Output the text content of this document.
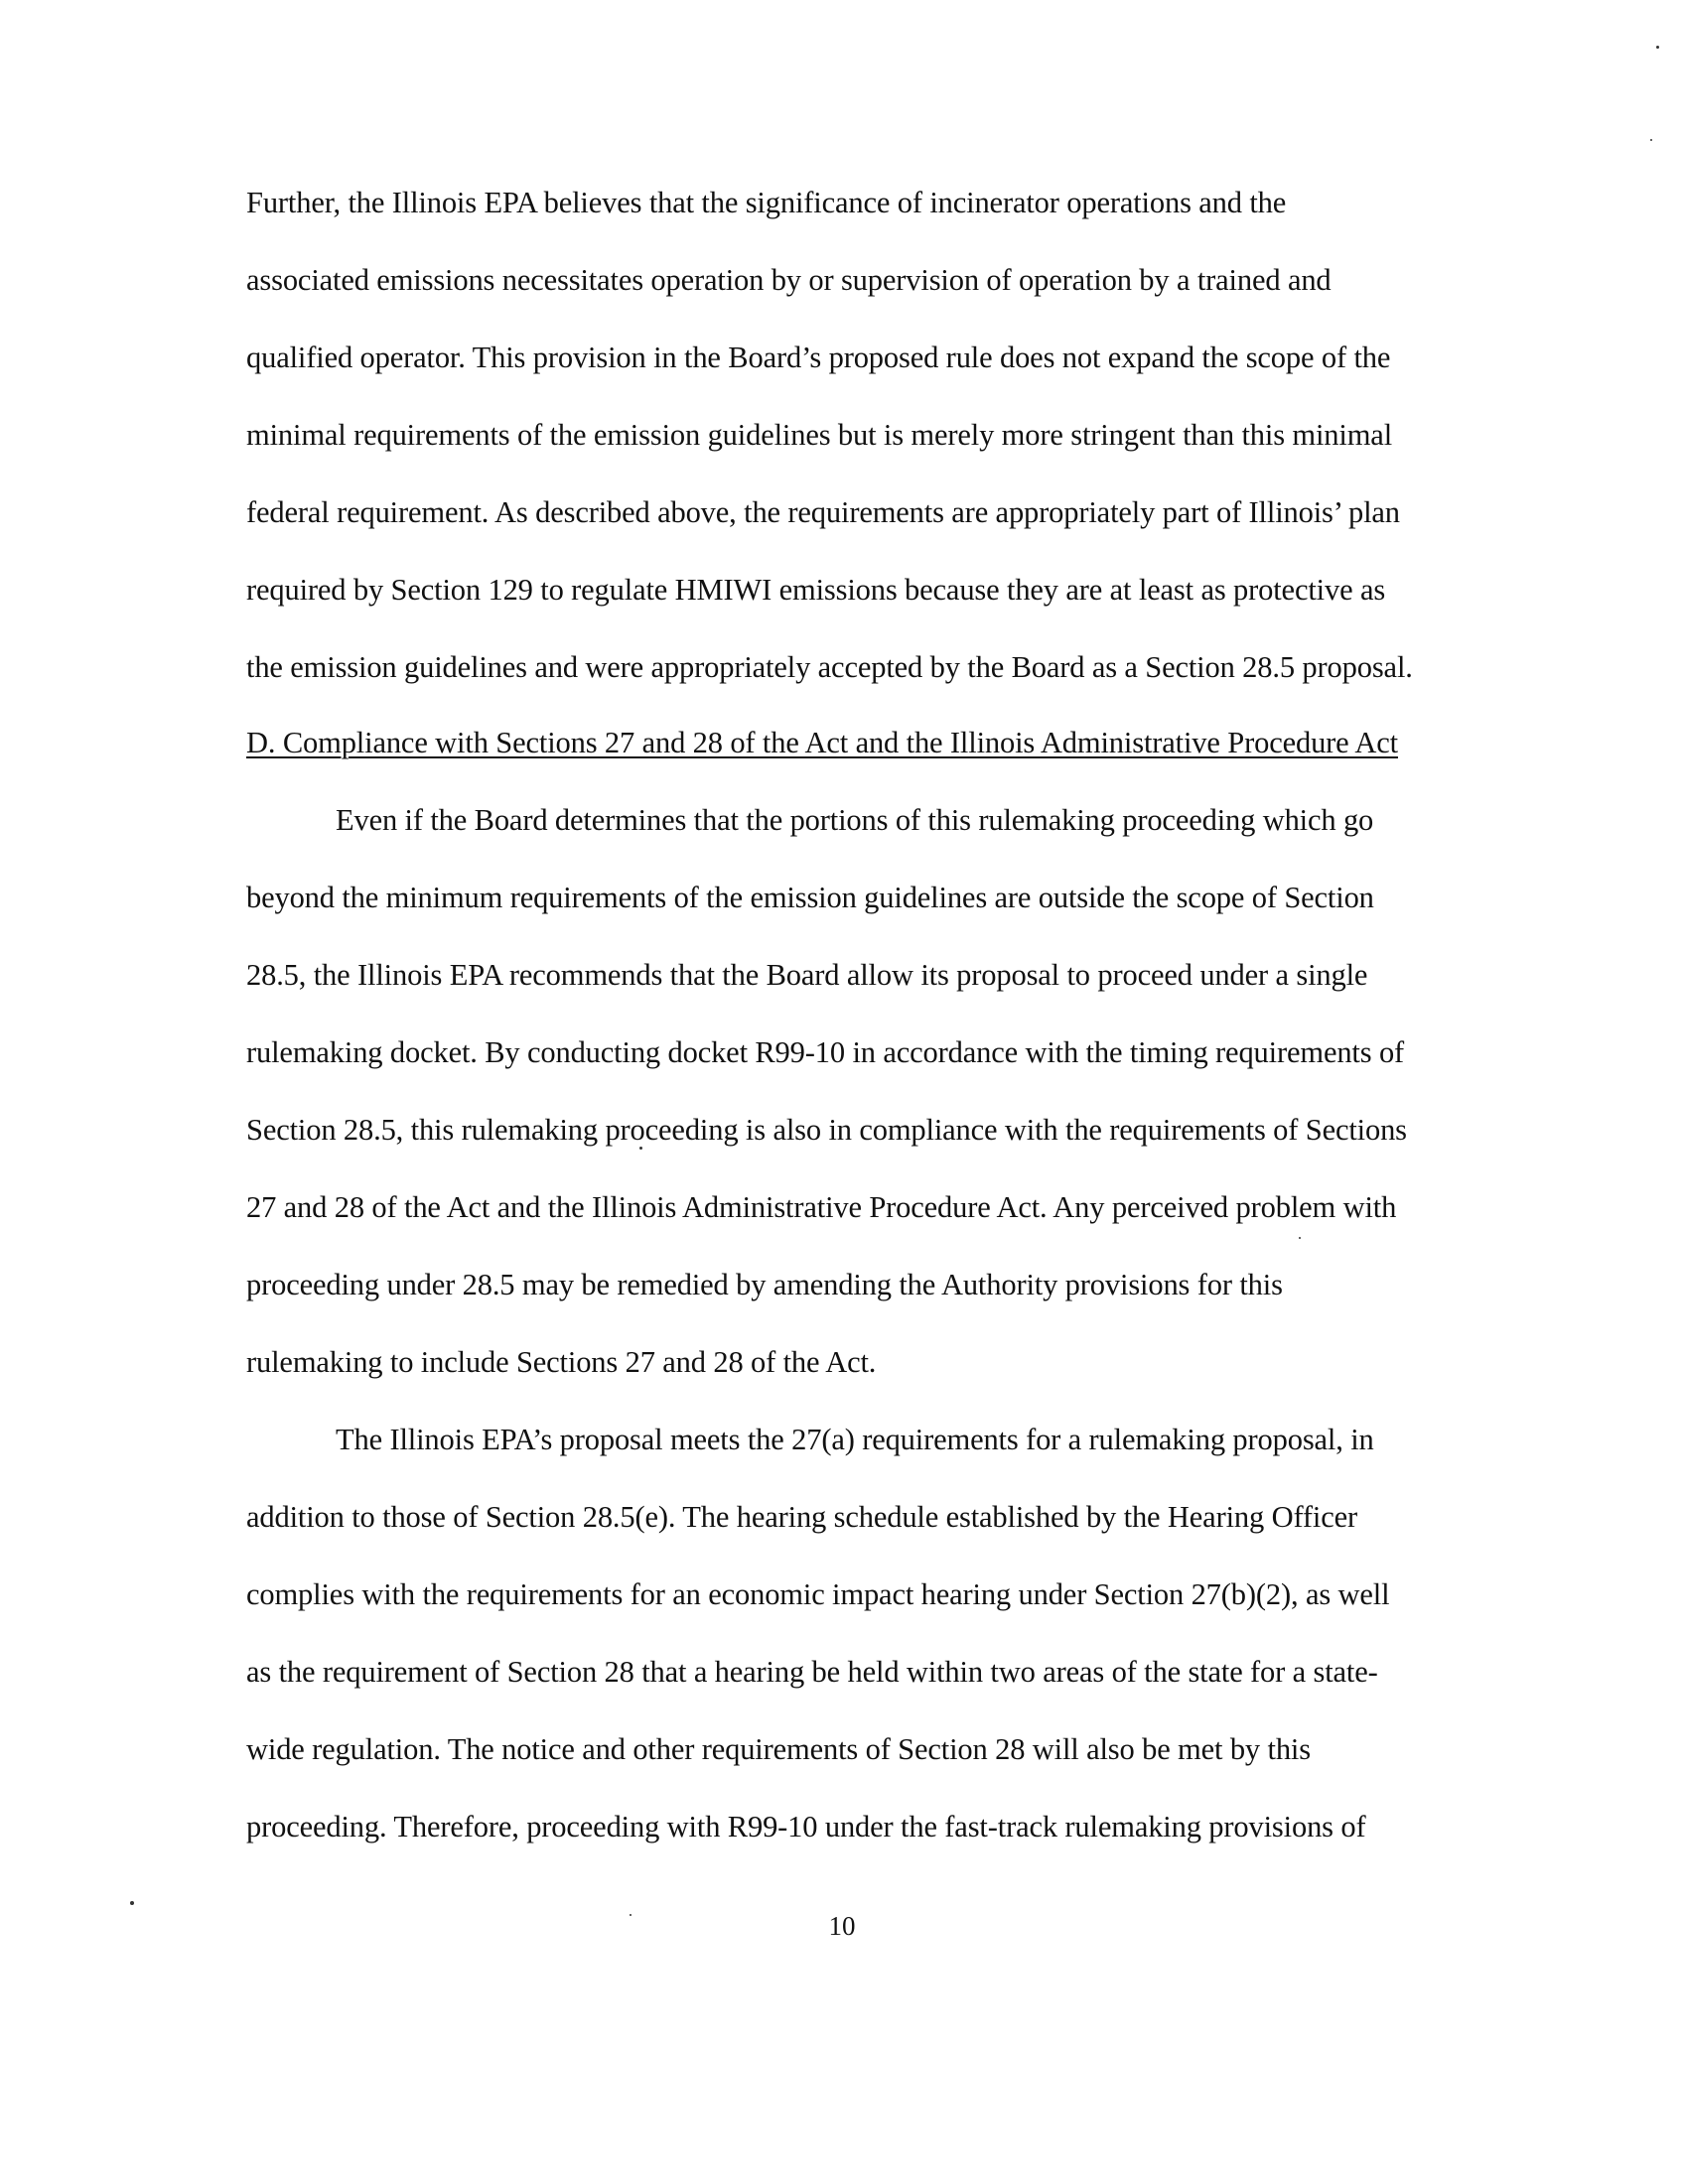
Further, the Illinois EPA believes that the significance of incinerator operations and the
associated emissions necessitates operation by or supervision of operation by a trained and
qualified operator. This provision in the Board’s proposed rule does not expand the scope of the
minimal requirements of the emission guidelines but is merely more stringent than this minimal
federal requirement. As described above, the requirements are appropriately part of Illinois’ plan
required by Section 129 to regulate HMIWI emissions because they are at least as protective as
the emission guidelines and were appropriately accepted by the Board as a Section 28.5 proposal.
D. Compliance with Sections 27 and 28 of the Act and the Illinois Administrative Procedure Act
Even if the Board determines that the portions of this rulemaking proceeding which go
beyond the minimum requirements of the emission guidelines are outside the scope of Section
28.5, the Illinois EPA recommends that the Board allow its proposal to proceed under a single
rulemaking docket. By conducting docket R99-10 in accordance with the timing requirements of
Section 28.5, this rulemaking proceeding is also in compliance with the requirements of Sections
27 and 28 of the Act and the Illinois Administrative Procedure Act. Any perceived problem with
proceeding under 28.5 may be remedied by amending the Authority provisions for this
rulemaking to include Sections 27 and 28 of the Act.
The Illinois EPA’s proposal meets the 27(a) requirements for a rulemaking proposal, in
addition to those of Section 28.5(e). The hearing schedule established by the Hearing Officer
complies with the requirements for an economic impact hearing under Section 27(b)(2), as well
as the requirement of Section 28 that a hearing be held within two areas of the state for a state-
wide regulation. The notice and other requirements of Section 28 will also be met by this
proceeding. Therefore, proceeding with R99-10 under the fast-track rulemaking provisions of
10
